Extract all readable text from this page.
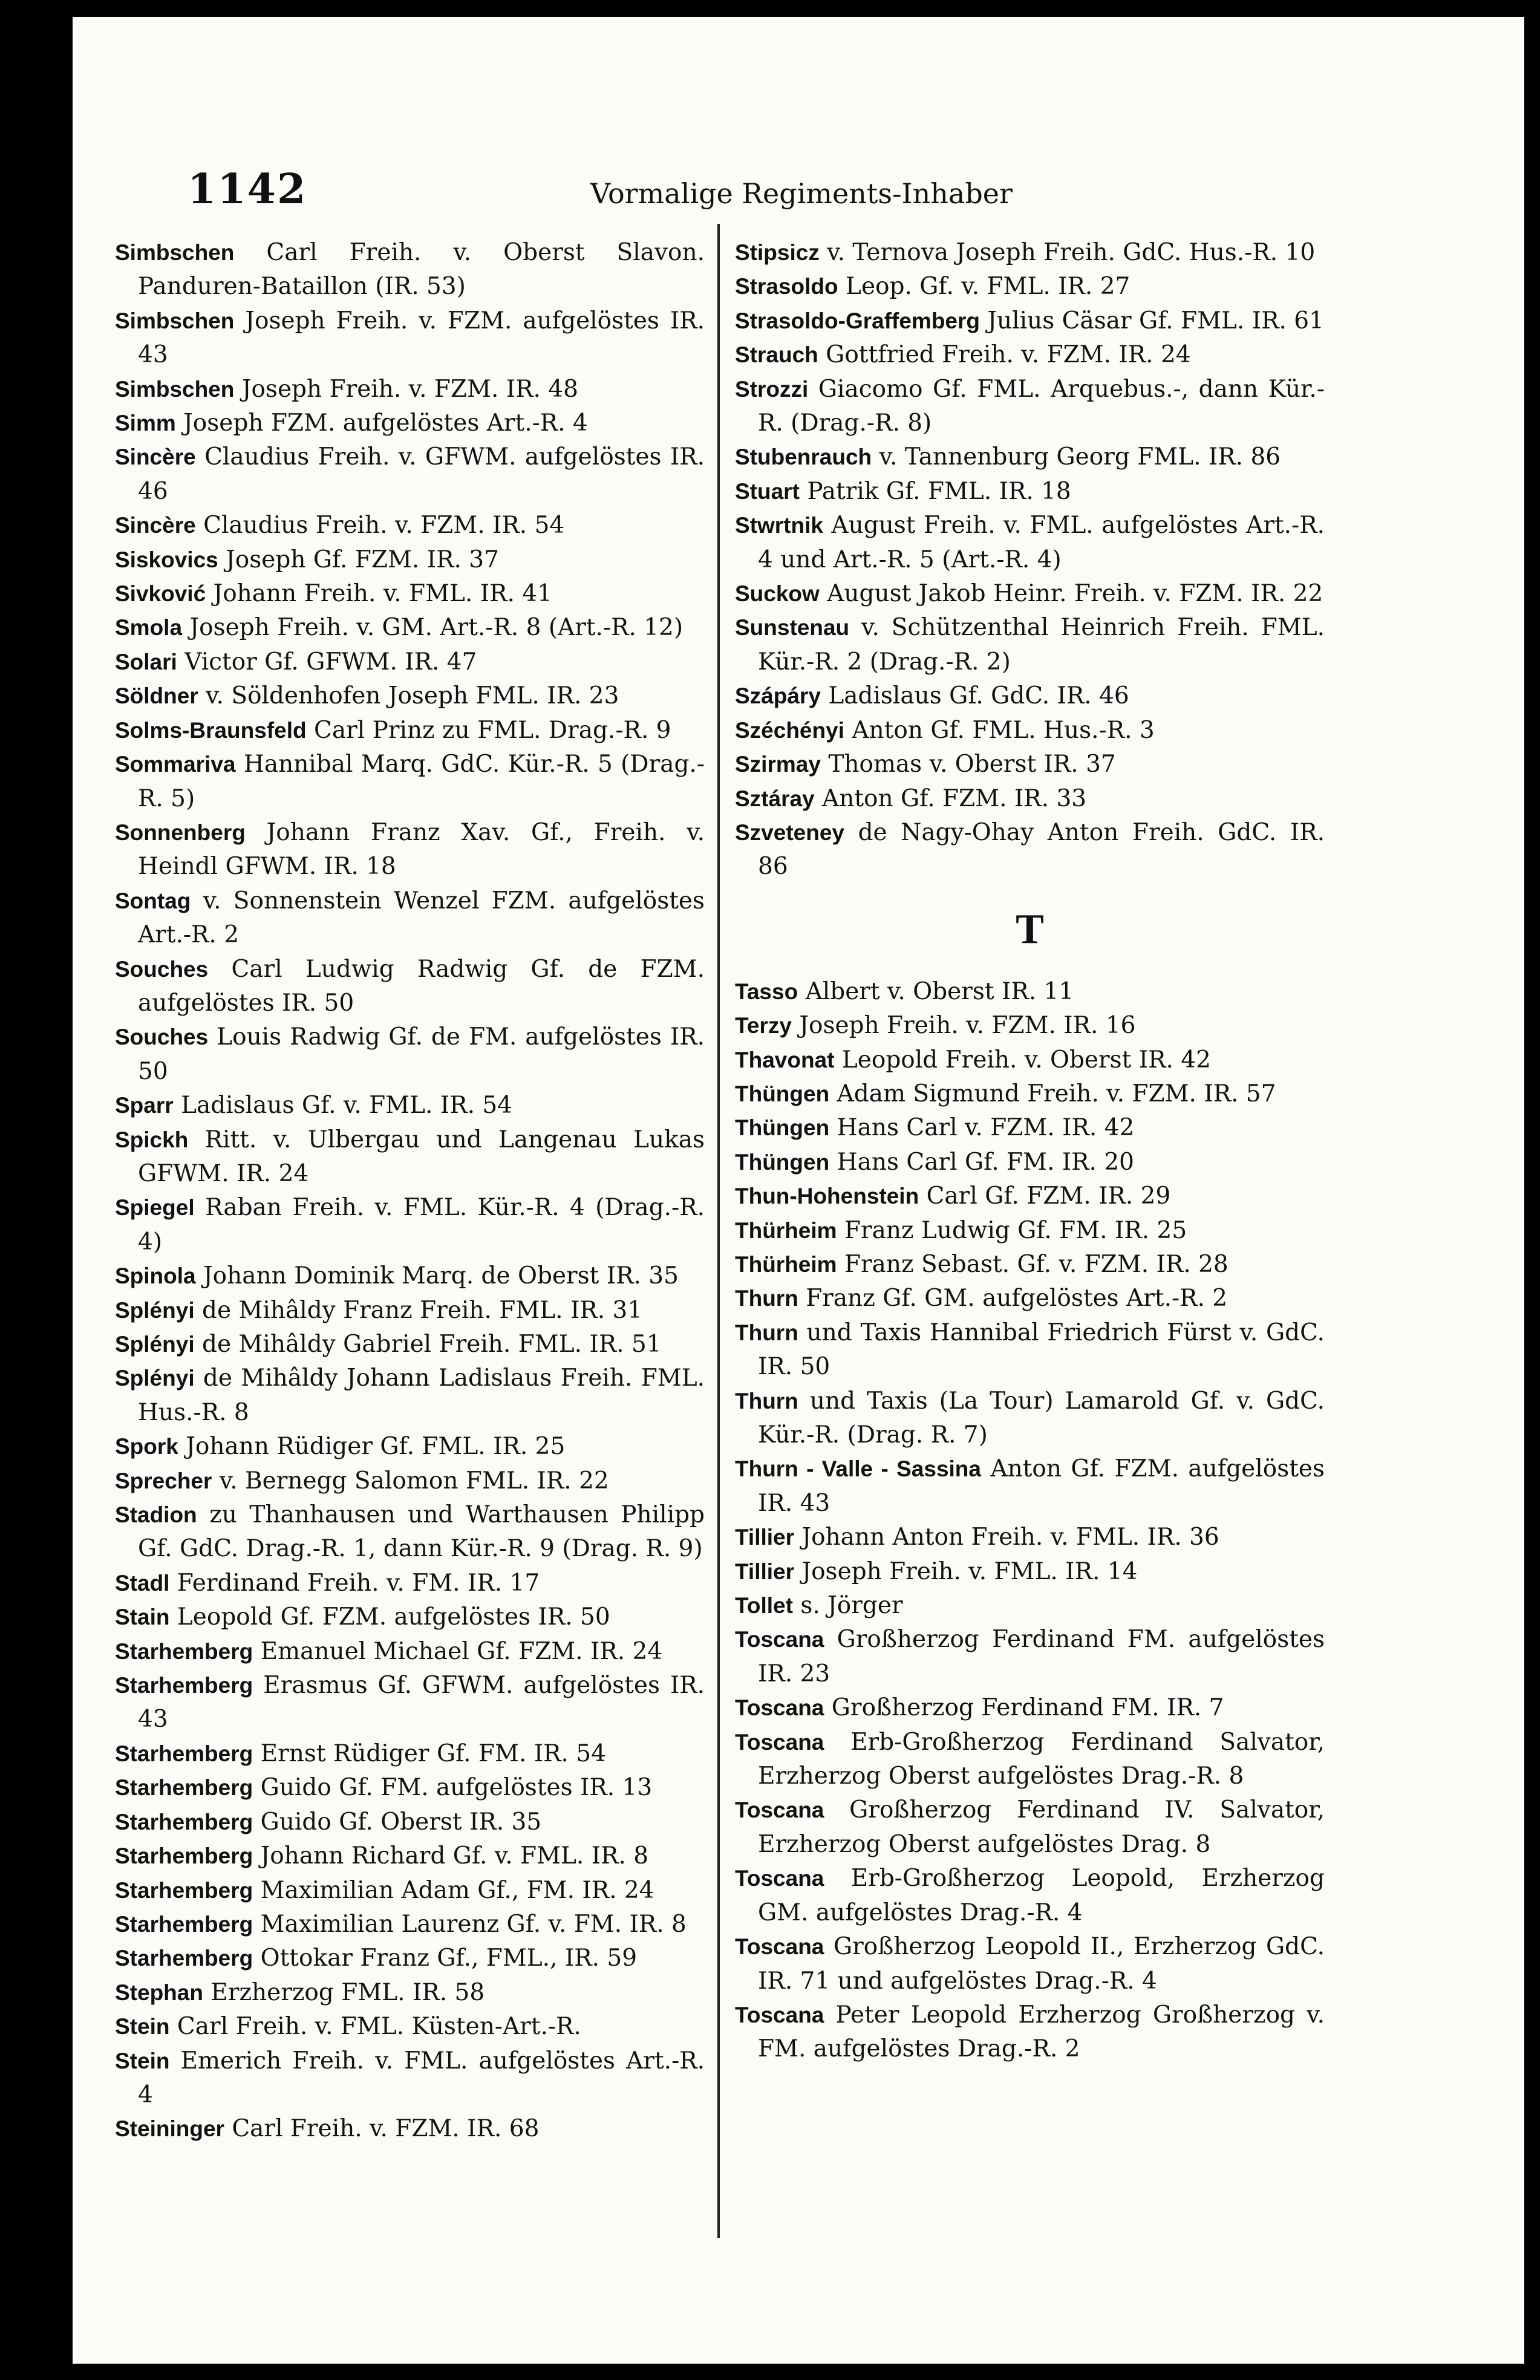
1142	Vormalige Regiments-Inhaber
Simbschen Carl Freih. v. Oberst Slavon. Panduren-Bataillon (IR. 53)
Simbschen Joseph Freih. v. FZM. aufgelöstes IR. 43
Simbschen Joseph Freih. v. FZM. IR. 48
Simm Joseph FZM. aufgelöstes Art.-R. 4
Sincère Claudius Freih. v. GFWM. aufgelöstes IR. 46
Sincère Claudius Freih. v. FZM. IR. 54
Siskovics Joseph Gf. FZM. IR. 37
Sivković Johann Freih. v. FML. IR. 41
Smola Joseph Freih. v. GM. Art.-R. 8 (Art.-R. 12)
Solari Victor Gf. GFWM. IR. 47
Söldner v. Söldenhofen Joseph FML. IR. 23
Solms-Braunsfeld Carl Prinz zu FML. Drag.-R. 9
Sommariva Hannibal Marq. GdC. Kür.-R. 5 (Drag.-R. 5)
Sonnenberg Johann Franz Xav. Gf., Freih. v. Heindl GFWM. IR. 18
Sontag v. Sonnenstein Wenzel FZM. aufgelöstes Art.-R. 2
Souches Carl Ludwig Radwig Gf. de FZM. aufgelöstes IR. 50
Souches Louis Radwig Gf. de FM. aufgelöstes IR. 50
Sparr Ladislaus Gf. v. FML. IR. 54
Spickh Ritt. v. Ulbergau und Langenau Lukas GFWM. IR. 24
Spiegel Raban Freih. v. FML. Kür.-R. 4 (Drag.-R. 4)
Spinola Johann Dominik Marq. de Oberst IR. 35
Splényi de Mihâldy Franz Freih. FML. IR. 31
Splényi de Mihâldy Gabriel Freih. FML. IR. 51
Splényi de Mihâldy Johann Ladislaus Freih. FML. Hus.-R. 8
Spork Johann Rüdiger Gf. FML. IR. 25
Sprecher v. Bernegg Salomon FML. IR. 22
Stadion zu Thanhausen und Warthausen Philipp Gf. GdC. Drag.-R. 1, dann Kür.-R. 9 (Drag. R. 9)
Stadl Ferdinand Freih. v. FM. IR. 17
Stain Leopold Gf. FZM. aufgelöstes IR. 50
Starhemberg Emanuel Michael Gf. FZM. IR. 24
Starhemberg Erasmus Gf. GFWM. aufgelöstes IR. 43
Starhemberg Ernst Rüdiger Gf. FM. IR. 54
Starhemberg Guido Gf. FM. aufgelöstes IR. 13
Starhemberg Guido Gf. Oberst IR. 35
Starhemberg Johann Richard Gf. v. FML. IR. 8
Starhemberg Maximilian Adam Gf., FM. IR. 24
Starhemberg Maximilian Laurenz Gf. v. FM. IR. 8
Starhemberg Ottokar Franz Gf., FML., IR. 59
Stephan Erzherzog FML. IR. 58
Stein Carl Freih. v. FML. Küsten-Art.-R.
Stein Emerich Freih. v. FML. aufgelöstes Art.-R. 4
Steininger Carl Freih. v. FZM. IR. 68
Stipsicz v. Ternova Joseph Freih. GdC. Hus.-R. 10
Strasoldo Leop. Gf. v. FML. IR. 27
Strasoldo-Graffemberg Julius Cäsar Gf. FML. IR. 61
Strauch Gottfried Freih. v. FZM. IR. 24
Strozzi Giacomo Gf. FML. Arquebus.-, dann Kür.-R. (Drag.-R. 8)
Stubenrauch v. Tannenburg Georg FML. IR. 86
Stuart Patrik Gf. FML. IR. 18
Stwrtnik August Freih. v. FML. aufgelöstes Art.-R. 4 und Art.-R. 5 (Art.-R. 4)
Suckow August Jakob Heinr. Freih. v. FZM. IR. 22
Sunstenau v. Schützenthal Heinrich Freih. FML. Kür.-R. 2 (Drag.-R. 2)
Szápáry Ladislaus Gf. GdC. IR. 46
Széchényi Anton Gf. FML. Hus.-R. 3
Szirmay Thomas v. Oberst IR. 37
Sztáray Anton Gf. FZM. IR. 33
Szveteney de Nagy-Ohay Anton Freih. GdC. IR. 86
T
Tasso Albert v. Oberst IR. 11
Terzy Joseph Freih. v. FZM. IR. 16
Thavonat Leopold Freih. v. Oberst IR. 42
Thüngen Adam Sigmund Freih. v. FZM. IR. 57
Thüngen Hans Carl v. FZM. IR. 42
Thüngen Hans Carl Gf. FM. IR. 20
Thun-Hohenstein Carl Gf. FZM. IR. 29
Thürheim Franz Ludwig Gf. FM. IR. 25
Thürheim Franz Sebast. Gf. v. FZM. IR. 28
Thurn Franz Gf. GM. aufgelöstes Art.-R. 2
Thurn und Taxis Hannibal Friedrich Fürst v. GdC. IR. 50
Thurn und Taxis (La Tour) Lamarold Gf. v. GdC. Kür.-R. (Drag. R. 7)
Thurn - Valle - Sassina Anton Gf. FZM. aufgelöstes IR. 43
Tillier Johann Anton Freih. v. FML. IR. 36
Tillier Joseph Freih. v. FML. IR. 14
Tollet s. Jörger
Toscana Großherzog Ferdinand FM. aufgelöstes IR. 23
Toscana Großherzog Ferdinand FM. IR. 7
Toscana Erb-Großherzog Ferdinand Salvator, Erzherzog Oberst aufgelöstes Drag.-R. 8
Toscana Großherzog Ferdinand IV. Salvator, Erzherzog Oberst aufgelöstes Drag. 8
Toscana Erb-Großherzog Leopold, Erzherzog GM. aufgelöstes Drag.-R. 4
Toscana Großherzog Leopold II., Erzherzog GdC. IR. 71 und aufgelöstes Drag.-R. 4
Toscana Peter Leopold Erzherzog Großherzog v. FM. aufgelöstes Drag.-R. 2
